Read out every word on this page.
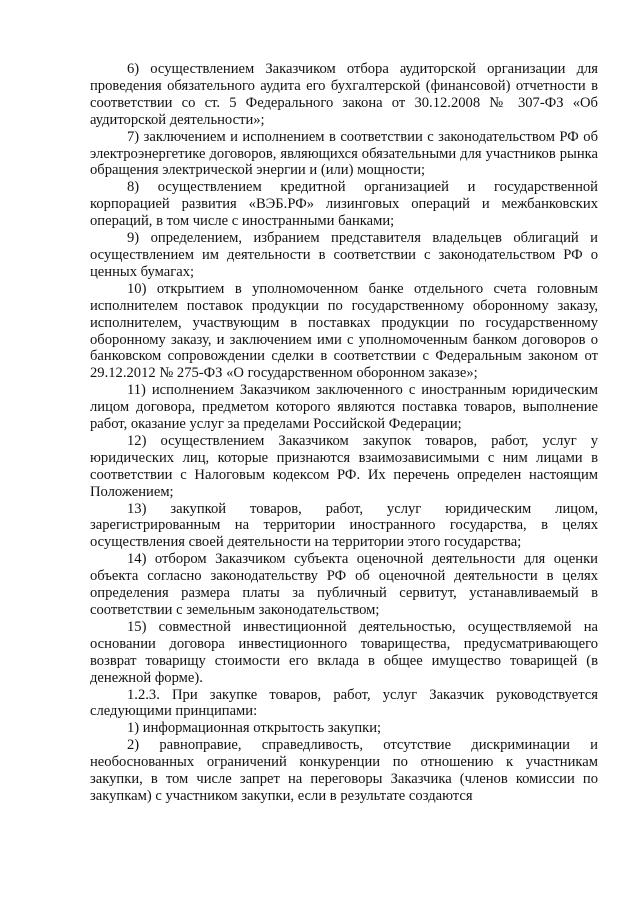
6) осуществлением Заказчиком отбора аудиторской организации для проведения обязательного аудита его бухгалтерской (финансовой) отчетности в соответствии со ст. 5 Федерального закона от 30.12.2008 № 307-ФЗ «Об аудиторской деятельности»;

7) заключением и исполнением в соответствии с законодательством РФ об электроэнергетике договоров, являющихся обязательными для участников рынка обращения электрической энергии и (или) мощности;

8) осуществлением кредитной организацией и государственной корпорацией развития «ВЭБ.РФ» лизинговых операций и межбанковских операций, в том числе с иностранными банками;

9) определением, избранием представителя владельцев облигаций и осуществлением им деятельности в соответствии с законодательством РФ о ценных бумагах;

10) открытием в уполномоченном банке отдельного счета головным исполнителем поставок продукции по государственному оборонному заказу, исполнителем, участвующим в поставках продукции по государственному оборонному заказу, и заключением ими с уполномоченным банком договоров о банковском сопровождении сделки в соответствии с Федеральным законом от 29.12.2012 № 275-ФЗ «О государственном оборонном заказе»;

11) исполнением Заказчиком заключенного с иностранным юридическим лицом договора, предметом которого являются поставка товаров, выполнение работ, оказание услуг за пределами Российской Федерации;

12) осуществлением Заказчиком закупок товаров, работ, услуг у юридических лиц, которые признаются взаимозависимыми с ним лицами в соответствии с Налоговым кодексом РФ. Их перечень определен настоящим Положением;

13) закупкой товаров, работ, услуг юридическим лицом, зарегистрированным на территории иностранного государства, в целях осуществления своей деятельности на территории этого государства;

14) отбором Заказчиком субъекта оценочной деятельности для оценки объекта согласно законодательству РФ об оценочной деятельности в целях определения размера платы за публичный сервитут, устанавливаемый в соответствии с земельным законодательством;

15) совместной инвестиционной деятельностью, осуществляемой на основании договора инвестиционного товарищества, предусматривающего возврат товарищу стоимости его вклада в общее имущество товарищей (в денежной форме).

1.2.3. При закупке товаров, работ, услуг Заказчик руководствуется следующими принципами:

1) информационная открытость закупки;

2) равноправие, справедливость, отсутствие дискриминации и необоснованных ограничений конкуренции по отношению к участникам закупки, в том числе запрет на переговоры Заказчика (членов комиссии по закупкам) с участником закупки, если в результате создаются
